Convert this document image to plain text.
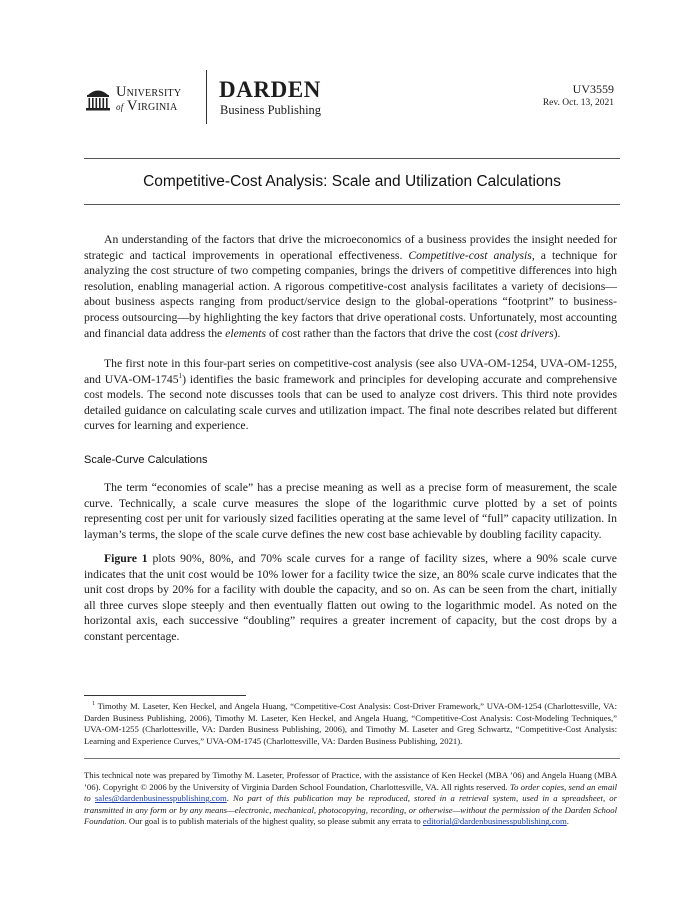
University
of Virginia
DARDEN
Business Publishing
UV3559
Rev. Oct. 13, 2021
Competitive-Cost Analysis: Scale and Utilization Calculations
An understanding of the factors that drive the microeconomics of a business provides the insight needed for strategic and tactical improvements in operational effectiveness. Competitive-cost analysis, a technique for analyzing the cost structure of two competing companies, brings the drivers of competitive differences into high resolution, enabling managerial action. A rigorous competitive-cost analysis facilitates a variety of decisions—about business aspects ranging from product/service design to the global-operations “footprint” to business-process outsourcing—by highlighting the key factors that drive operational costs. Unfortunately, most accounting and financial data address the elements of cost rather than the factors that drive the cost (cost drivers).
The first note in this four-part series on competitive-cost analysis (see also UVA-OM-1254, UVA-OM-1255, and UVA-OM-1745$^1$) identifies the basic framework and principles for developing accurate and comprehensive cost models. The second note discusses tools that can be used to analyze cost drivers. This third note provides detailed guidance on calculating scale curves and utilization impact. The final note describes related but different curves for learning and experience.
Scale-Curve Calculations
The term “economies of scale” has a precise meaning as well as a precise form of measurement, the scale curve. Technically, a scale curve measures the slope of the logarithmic curve plotted by a set of points representing cost per unit for variously sized facilities operating at the same level of “full” capacity utilization. In layman’s terms, the slope of the scale curve defines the new cost base achievable by doubling facility capacity.
Figure 1 plots 90%, 80%, and 70% scale curves for a range of facility sizes, where a 90% scale curve indicates that the unit cost would be 10% lower for a facility twice the size, an 80% scale curve indicates that the unit cost drops by 20% for a facility with double the capacity, and so on. As can be seen from the chart, initially all three curves slope steeply and then eventually flatten out owing to the logarithmic model. As noted on the horizontal axis, each successive “doubling” requires a greater increment of capacity, but the cost drops by a constant percentage.
$^1$ Timothy M. Laseter, Ken Heckel, and Angela Huang, “Competitive-Cost Analysis: Cost-Driver Framework,” UVA-OM-1254 (Charlottesville, VA: Darden Business Publishing, 2006), Timothy M. Laseter, Ken Heckel, and Angela Huang, “Competitive-Cost Analysis: Cost-Modeling Techniques,” UVA-OM-1255 (Charlottesville, VA: Darden Business Publishing, 2006), and Timothy M. Laseter and Greg Schwartz, “Competitive-Cost Analysis: Learning and Experience Curves,” UVA-OM-1745 (Charlottesville, VA: Darden Business Publishing, 2021).
This technical note was prepared by Timothy M. Laseter, Professor of Practice, with the assistance of Ken Heckel (MBA ’06) and Angela Huang (MBA ’06). Copyright © 2006 by the University of Virginia Darden School Foundation, Charlottesville, VA. All rights reserved. To order copies, send an email to sales@dardenbusinesspublishing.com. No part of this publication may be reproduced, stored in a retrieval system, used in a spreadsheet, or transmitted in any form or by any means—electronic, mechanical, photocopying, recording, or otherwise—without the permission of the Darden School Foundation. Our goal is to publish materials of the highest quality, so please submit any errata to editorial@dardenbusinesspublishing.com.
